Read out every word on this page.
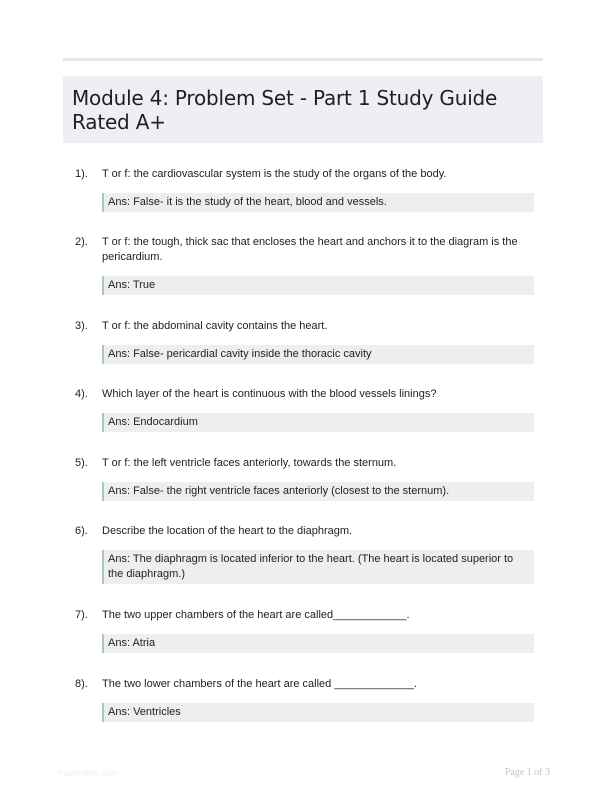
Module 4: Problem Set - Part 1 Study Guide Rated A+
1). T or f: the cardiovascular system is the study of the organs of the body.
Ans: False- it is the study of the heart, blood and vessels.
2). T or f: the tough, thick sac that encloses the heart and anchors it to the diagram is the pericardium.
Ans: True
3). T or f: the abdominal cavity contains the heart.
Ans: False- pericardial cavity inside the thoracic cavity
4). Which layer of the heart is continuous with the blood vessels linings?
Ans: Endocardium
5). T or f: the left ventricle faces anteriorly, towards the sternum.
Ans: False- the right ventricle faces anteriorly (closest to the sternum).
6). Describe the location of the heart to the diaphragm.
Ans: The diaphragm is located inferior to the heart. (The heart is located superior to the diaphragm.)
7). The two upper chambers of the heart are called____________.
Ans: Atria
8). The two lower chambers of the heart are called _____________.
Ans: Ventricles
Paperlibre.com	Page 1 of 3
